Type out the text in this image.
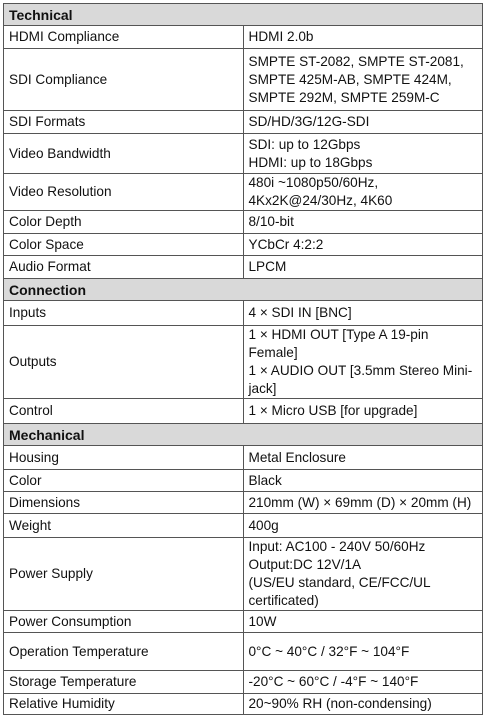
Technical	
HDMI Compliance	HDMI 2.0b

SDI Compliance	SMPTE ST-2082, SMPTE ST-2081,
SMPTE 425M-AB, SMPTE 424M,
SMPTE 292M, SMPTE 259M-C

SDI Formats	SD/HD/3G/12G-SDI

Video Bandwidth	SDI: up to 12Gbps
HDMI: up to 18Gbps

Video Resolution	480i ~1080p50/60Hz, 4Kx2K@24/30Hz, 4K60

Color Depth	8/10-bit

Color Space	YCbCr 4:2:2

Audio Format	LPCM

Connection	
Inputs	4 × SDI IN [BNC]

Outputs	1 × HDMI OUT [Type A 19-pin Female]
1 × AUDIO OUT [3.5mm Stereo Mini-jack]

Control	1 × Micro USB [for upgrade]

Mechanical	
Housing	Metal Enclosure

Color	Black

Dimensions	210mm (W) × 69mm (D) × 20mm (H)

Weight	400g

Power Supply	Input: AC100 - 240V 50/60Hz
Output:DC 12V/1A
(US/EU standard, CE/FCC/UL certificated)

Power Consumption	10W

Operation Temperature	0°C ~ 40°C / 32°F ~ 104°F

Storage Temperature	-20°C ~ 60°C / -4°F ~ 140°F

Relative Humidity	20~90% RH (non-condensing)
